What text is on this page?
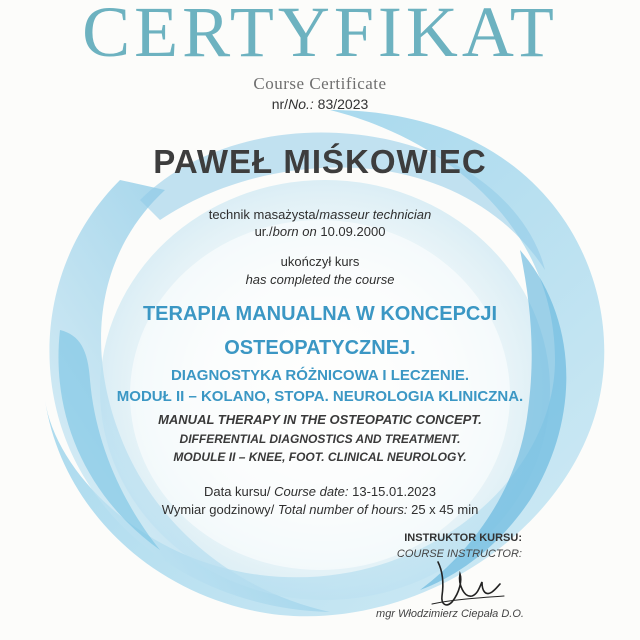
CERTYFIKAT
Course Certificate
nr/No.: 83/2023
PAWEŁ MIŚKOWIEC
technik masażysta/masseur technician
ur./born on 10.09.2000
ukończył kurs
has completed the course
TERAPIA MANUALNA W KONCEPCJI
OSTEOPATYCZNEJ.
DIAGNOSTYKA RÓŻNICOWA I LECZENIE.
MODUŁ II – KOLANO, STOPA. NEUROLOGIA KLINICZNA.
MANUAL THERAPY IN THE OSTEOPATIC CONCEPT.
DIFFERENTIAL DIAGNOSTICS AND TREATMENT.
MODULE II – KNEE, FOOT. CLINICAL NEUROLOGY.
Data kursu/ Course date: 13-15.01.2023
Wymiar godzinowy/ Total number of hours: 25 x 45 min
INSTRUKTOR KURSU:
COURSE INSTRUCTOR:
mgr Włodzimierz Ciepała D.O.
